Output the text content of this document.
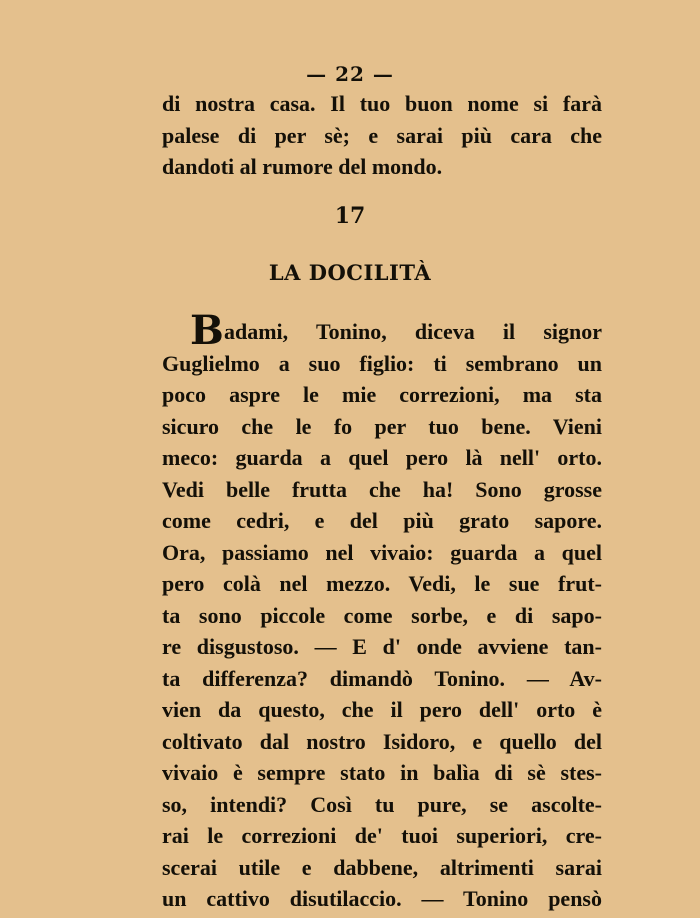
— 22 —
di nostra casa. Il tuo buon nome si farà
palese di per sè; e sarai più cara che
dandoti al rumore del mondo.
17
LA DOCILITÀ
B adami, Tonino, diceva il signor
Guglielmo a suo figlio: ti sembrano un
poco aspre le mie correzioni, ma sta
sicuro che le fo per tuo bene. Vieni
meco: guarda a quel pero là nell' orto.
Vedi belle frutta che ha! Sono grosse
come cedri, e del più grato sapore.
Ora, passiamo nel vivaio: guarda a quel
pero colà nel mezzo. Vedi, le sue frut-
ta sono piccole come sorbe, e di sapo-
re disgustoso. — E d' onde avviene tan-
ta differenza? dimandò Tonino. — Av-
vien da questo, che il pero dell' orto è
coltivato dal nostro Isidoro, e quello del
vivaio è sempre stato in balìa di sè stes-
so, intendi? Così tu pure, se ascolte-
rai le correzioni de' tuoi superiori, cre-
scerai utile e dabbene, altrimenti sarai
un cattivo disutilaccio. — Tonino pensò
